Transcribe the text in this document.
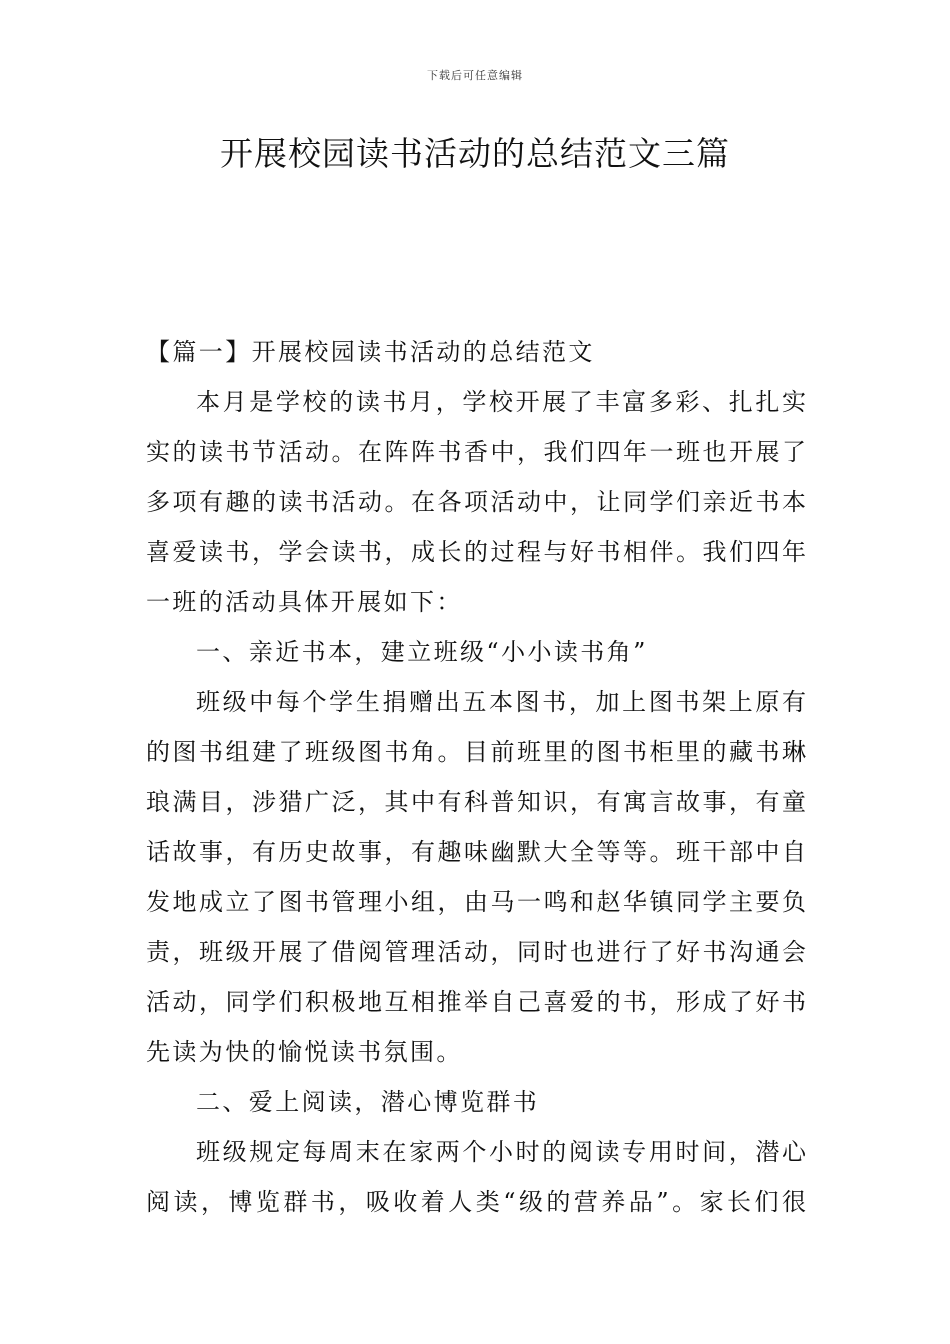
下载后可任意编辑
开展校园读书活动的总结范文三篇
【篇一】开展校园读书活动的总结范文
本月是学校的读书月，学校开展了丰富多彩、扎扎实
实的读书节活动。在阵阵书香中，我们四年一班也开展了
多项有趣的读书活动。在各项活动中，让同学们亲近书本
喜爱读书，学会读书，成长的过程与好书相伴。我们四年
一班的活动具体开展如下：
一、亲近书本，建立班级“小小读书角”
班级中每个学生捐赠出五本图书，加上图书架上原有
的图书组建了班级图书角。目前班里的图书柜里的藏书琳
琅满目，涉猎广泛，其中有科普知识，有寓言故事，有童
话故事，有历史故事，有趣味幽默大全等等。班干部中自
发地成立了图书管理小组，由马一鸣和赵华镇同学主要负
责，班级开展了借阅管理活动，同时也进行了好书沟通会
活动，同学们积极地互相推举自己喜爱的书，形成了好书
先读为快的愉悦读书氛围。
二、爱上阅读，潜心博览群书
班级规定每周末在家两个小时的阅读专用时间，潜心
阅读，博览群书，吸收着人类“级的营养品”。家长们很
